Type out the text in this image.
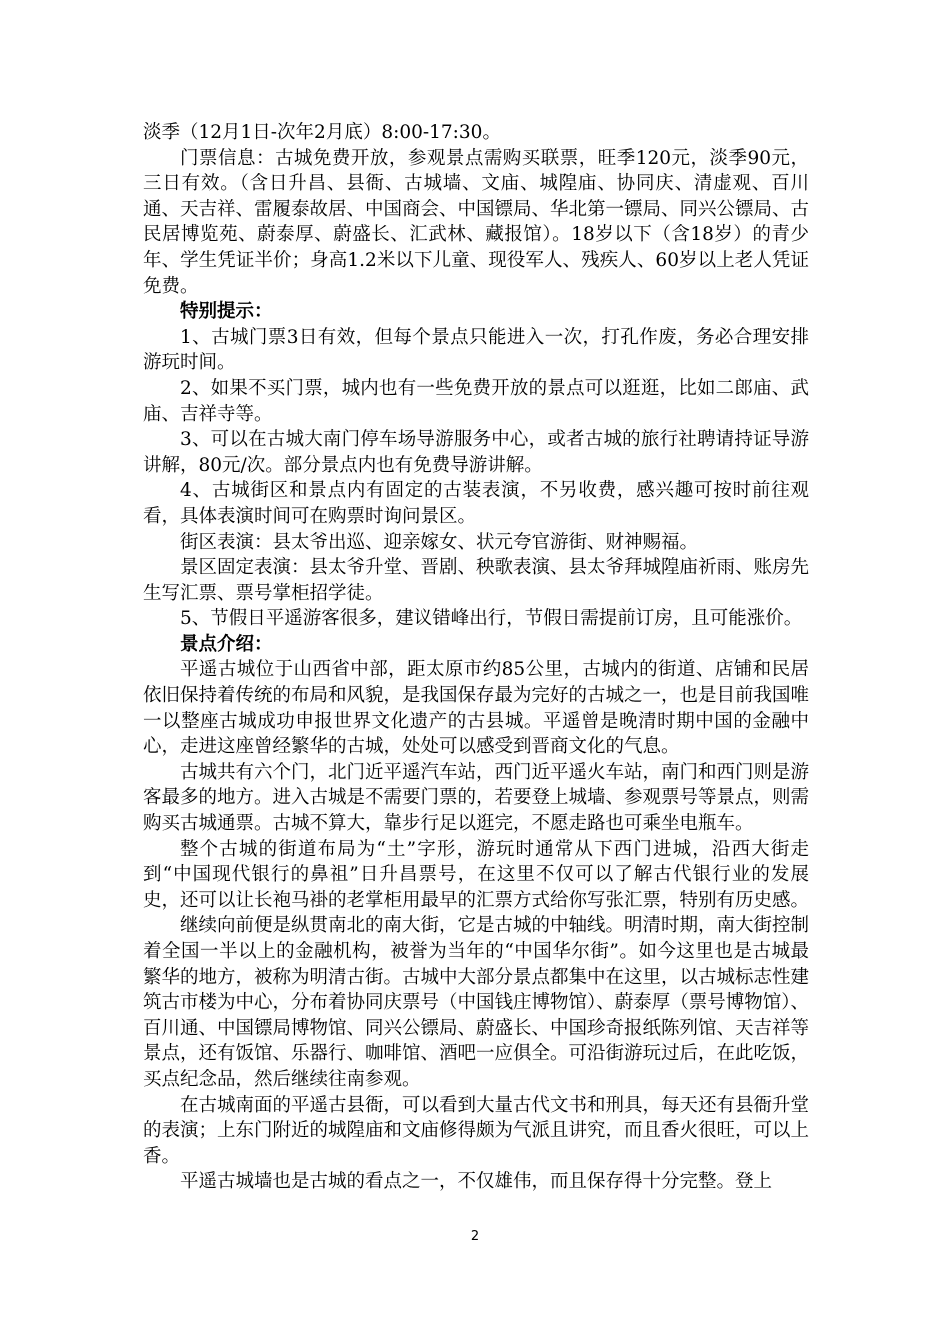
淡季（12月1日-次年2月底）8:00-17:30。

门票信息：古城免费开放，参观景点需购买联票，旺季120元，淡季90元，三日有效。（含日升昌、县衙、古城墙、文庙、城隍庙、协同庆、清虚观、百川通、天吉祥、雷履泰故居、中国商会、中国镖局、华北第一镖局、同兴公镖局、古民居博览苑、蔚泰厚、蔚盛长、汇武林、藏报馆）。18岁以下（含18岁）的青少年、学生凭证半价；身高1.2米以下儿童、现役军人、残疾人、60岁以上老人凭证免费。

特别提示：

1、古城门票3日有效，但每个景点只能进入一次，打孔作废，务必合理安排游玩时间。

2、如果不买门票，城内也有一些免费开放的景点可以逛逛，比如二郎庙、武庙、吉祥寺等。

3、可以在古城大南门停车场导游服务中心，或者古城的旅行社聘请持证导游讲解，80元/次。部分景点内也有免费导游讲解。

4、古城街区和景点内有固定的古装表演，不另收费，感兴趣可按时前往观看，具体表演时间可在购票时询问景区。

街区表演：县太爷出巡、迎亲嫁女、状元夸官游街、财神赐福。

景区固定表演：县太爷升堂、晋剧、秧歌表演、县太爷拜城隍庙祈雨、账房先生写汇票、票号掌柜招学徒。

5、节假日平遥游客很多，建议错峰出行，节假日需提前订房，且可能涨价。

景点介绍：

平遥古城位于山西省中部，距太原市约85公里，古城内的街道、店铺和民居依旧保持着传统的布局和风貌，是我国保存最为完好的古城之一，也是目前我国唯一以整座古城成功申报世界文化遗产的古县城。平遥曾是晚清时期中国的金融中心，走进这座曾经繁华的古城，处处可以感受到晋商文化的气息。

古城共有六个门，北门近平遥汽车站，西门近平遥火车站，南门和西门则是游客最多的地方。进入古城是不需要门票的，若要登上城墙、参观票号等景点，则需购买古城通票。古城不算大，靠步行足以逛完，不愿走路也可乘坐电瓶车。

整个古城的街道布局为“土”字形，游玩时通常从下西门进城，沿西大街走到“中国现代银行的鼻祖”日升昌票号，在这里不仅可以了解古代银行业的发展史，还可以让长袍马褂的老掌柜用最早的汇票方式给你写张汇票，特别有历史感。

继续向前便是纵贯南北的南大街，它是古城的中轴线。明清时期，南大街控制着全国一半以上的金融机构，被誉为当年的“中国华尔街”。如今这里也是古城最繁华的地方，被称为明清古街。古城中大部分景点都集中在这里，以古城标志性建筑古市楼为中心，分布着协同庆票号（中国钱庄博物馆）、蔚泰厚（票号博物馆）、百川通、中国镖局博物馆、同兴公镖局、蔚盛长、中国珍奇报纸陈列馆、天吉祥等景点，还有饭馆、乐器行、咖啡馆、酒吧一应俱全。可沿街游玩过后，在此吃饭，买点纪念品，然后继续往南参观。

在古城南面的平遥古县衙，可以看到大量古代文书和刑具，每天还有县衙升堂的表演；上东门附近的城隍庙和文庙修得颇为气派且讲究，而且香火很旺，可以上香。

平遥古城墙也是古城的看点之一，不仅雄伟，而且保存得十分完整。登上

2
